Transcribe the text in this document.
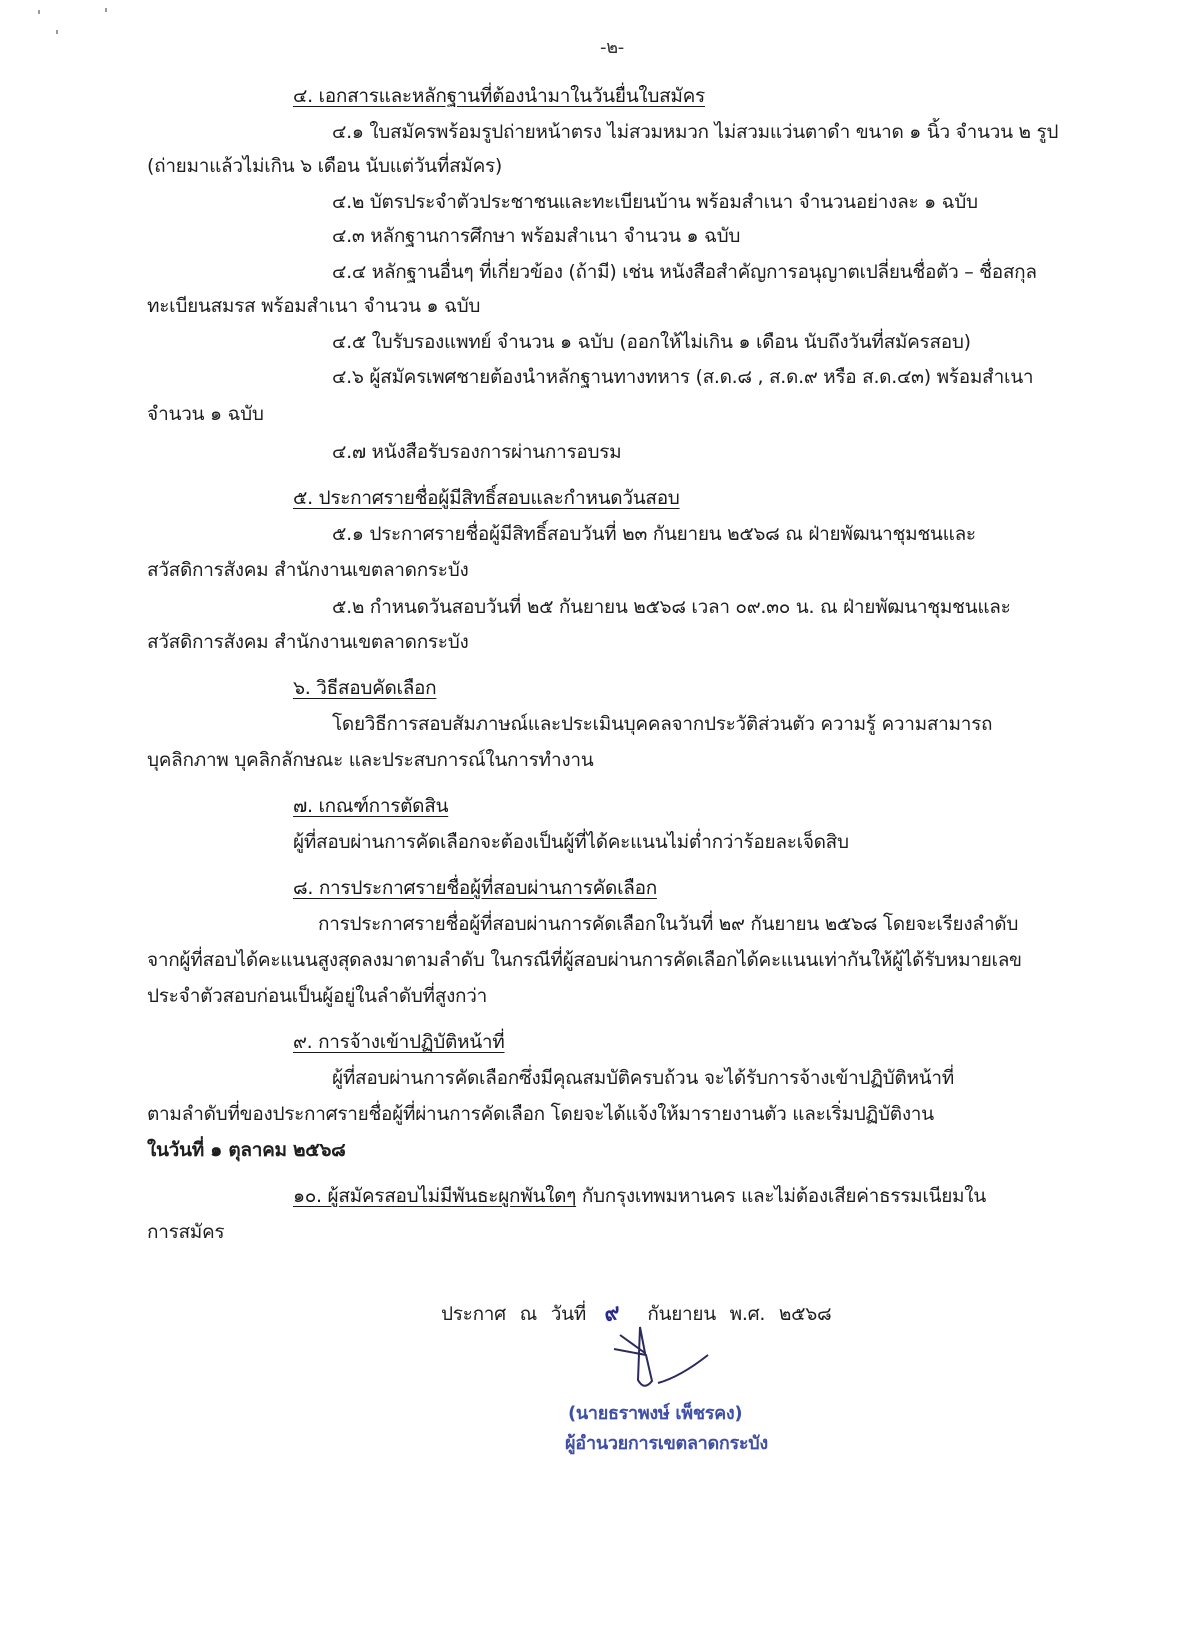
-๒-
๔. เอกสารและหลักฐานที่ต้องนำมาในวันยื่นใบสมัคร
๔.๑ ใบสมัครพร้อมรูปถ่ายหน้าตรง ไม่สวมหมวก ไม่สวมแว่นตาดำ ขนาด ๑ นิ้ว จำนวน ๒ รูป
(ถ่ายมาแล้วไม่เกิน ๖ เดือน นับแต่วันที่สมัคร)
๔.๒ บัตรประจำตัวประชาชนและทะเบียนบ้าน พร้อมสำเนา จำนวนอย่างละ ๑ ฉบับ
๔.๓ หลักฐานการศึกษา พร้อมสำเนา จำนวน ๑ ฉบับ
๔.๔ หลักฐานอื่นๆ ที่เกี่ยวข้อง (ถ้ามี) เช่น หนังสือสำคัญการอนุญาตเปลี่ยนชื่อตัว – ชื่อสกุล
ทะเบียนสมรส พร้อมสำเนา จำนวน ๑ ฉบับ
๔.๕ ใบรับรองแพทย์ จำนวน ๑ ฉบับ (ออกให้ไม่เกิน ๑ เดือน นับถึงวันที่สมัครสอบ)
๔.๖ ผู้สมัครเพศชายต้องนำหลักฐานทางทหาร (ส.ด.๘ , ส.ด.๙ หรือ ส.ด.๔๓) พร้อมสำเนา
จำนวน ๑ ฉบับ
๔.๗ หนังสือรับรองการผ่านการอบรม
๕. ประกาศรายชื่อผู้มีสิทธิ์สอบและกำหนดวันสอบ
๕.๑ ประกาศรายชื่อผู้มีสิทธิ์สอบวันที่ ๒๓ กันยายน ๒๕๖๘ ณ ฝ่ายพัฒนาชุมชนและ
สวัสดิการสังคม สำนักงานเขตลาดกระบัง
๕.๒ กำหนดวันสอบวันที่ ๒๕ กันยายน ๒๕๖๘ เวลา ๐๙.๓๐ น. ณ ฝ่ายพัฒนาชุมชนและ
สวัสดิการสังคม สำนักงานเขตลาดกระบัง
๖. วิธีสอบคัดเลือก
โดยวิธีการสอบสัมภาษณ์และประเมินบุคคลจากประวัติส่วนตัว ความรู้ ความสามารถ
บุคลิกภาพ บุคลิกลักษณะ และประสบการณ์ในการทำงาน
๗. เกณฑ์การตัดสิน
ผู้ที่สอบผ่านการคัดเลือกจะต้องเป็นผู้ที่ได้คะแนนไม่ต่ำกว่าร้อยละเจ็ดสิบ
๘. การประกาศรายชื่อผู้ที่สอบผ่านการคัดเลือก
การประกาศรายชื่อผู้ที่สอบผ่านการคัดเลือกในวันที่ ๒๙ กันยายน ๒๕๖๘ โดยจะเรียงลำดับ
จากผู้ที่สอบได้คะแนนสูงสุดลงมาตามลำดับ ในกรณีที่ผู้สอบผ่านการคัดเลือกได้คะแนนเท่ากันให้ผู้ได้รับหมายเลข
ประจำตัวสอบก่อนเป็นผู้อยู่ในลำดับที่สูงกว่า
๙. การจ้างเข้าปฏิบัติหน้าที่
ผู้ที่สอบผ่านการคัดเลือกซึ่งมีคุณสมบัติครบถ้วน จะได้รับการจ้างเข้าปฏิบัติหน้าที่
ตามลำดับที่ของประกาศรายชื่อผู้ที่ผ่านการคัดเลือก โดยจะได้แจ้งให้มารายงานตัว และเริ่มปฏิบัติงาน
ในวันที่ ๑ ตุลาคม ๒๕๖๘
๑๐. ผู้สมัครสอบไม่มีพันธะผูกพันใดๆ กับกรุงเทพมหานคร และไม่ต้องเสียค่าธรรมเนียมใน
การสมัคร
ประกาศ ณ วันที่ ๙ กันยายน พ.ศ. ๒๕๖๘
(นายธราพงษ์ เพ็ชรคง)
ผู้อำนวยการเขตลาดกระบัง
